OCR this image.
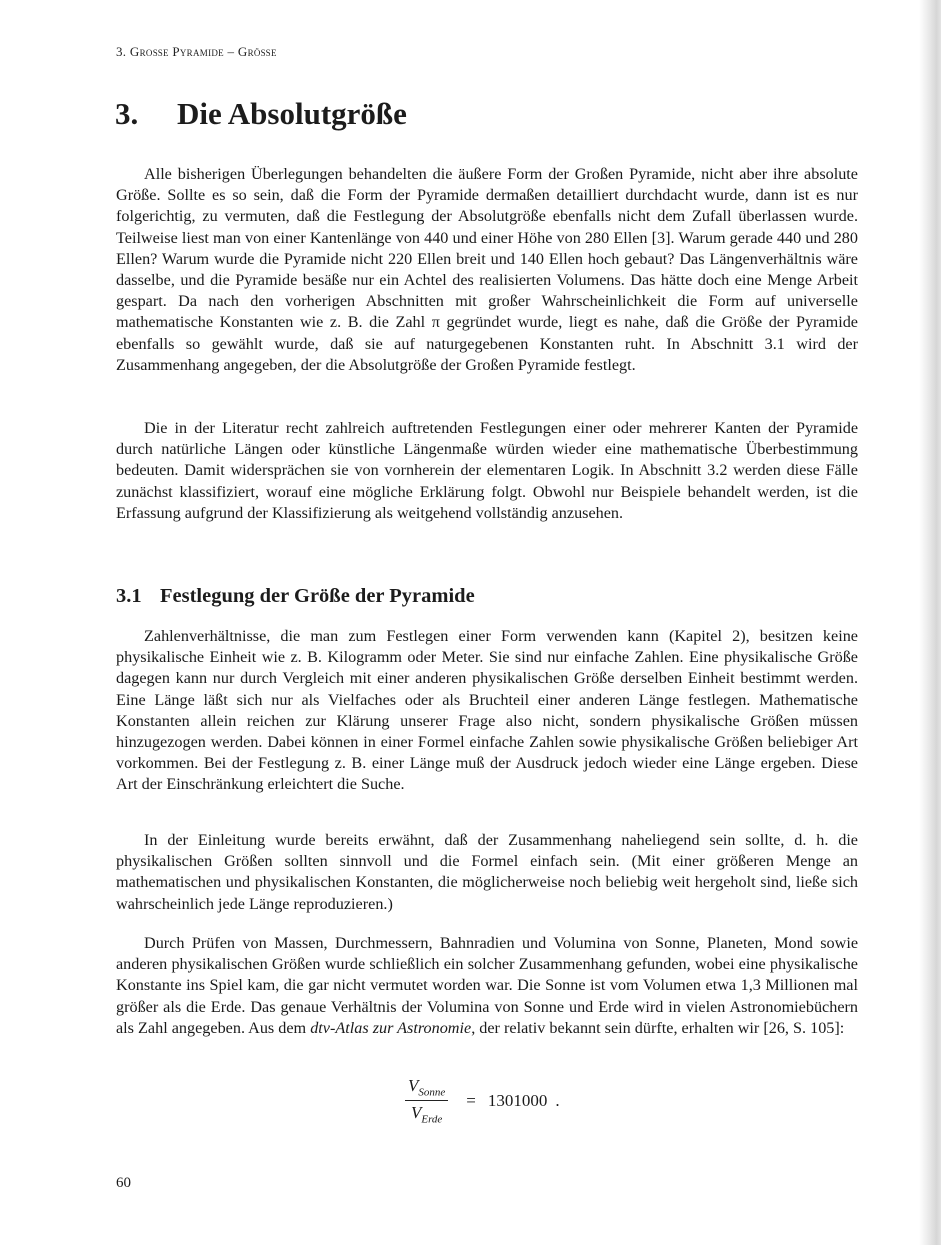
3. Große Pyramide – Größe
3. Die Absolutgröße

Alle bisherigen Überlegungen behandelten die äußere Form der Großen Pyramide, nicht aber ihre absolute Größe. Sollte es so sein, daß die Form der Pyramide dermaßen detailliert durchdacht wurde, dann ist es nur folgerichtig, zu vermuten, daß die Festlegung der Absolutgröße ebenfalls nicht dem Zufall überlassen wurde. Teilweise liest man von einer Kantenlänge von 440 und einer Höhe von 280 Ellen [3]. Warum gerade 440 und 280 Ellen? Warum wurde die Pyramide nicht 220 Ellen breit und 140 Ellen hoch gebaut? Das Längenverhältnis wäre dasselbe, und die Pyramide besäße nur ein Achtel des realisierten Volumens. Das hätte doch eine Menge Arbeit gespart. Da nach den vorherigen Abschnitten mit großer Wahrscheinlichkeit die Form auf universelle mathematische Konstanten wie z. B. die Zahl π gegründet wurde, liegt es nahe, daß die Größe der Pyramide ebenfalls so gewählt wurde, daß sie auf naturgegebenen Konstanten ruht. In Abschnitt 3.1 wird der Zusammenhang angegeben, der die Absolutgröße der Großen Pyramide festlegt.

Die in der Literatur recht zahlreich auftretenden Festlegungen einer oder mehrerer Kanten der Pyramide durch natürliche Längen oder künstliche Längenmaße würden wieder eine mathematische Überbestimmung bedeuten. Damit widersprächen sie von vornherein der elementaren Logik. In Abschnitt 3.2 werden diese Fälle zunächst klassifiziert, worauf eine mögliche Erklärung folgt. Obwohl nur Beispiele behandelt werden, ist die Erfassung aufgrund der Klassifizierung als weitgehend vollständig anzusehen.

3.1 Festlegung der Größe der Pyramide

Zahlenverhältnisse, die man zum Festlegen einer Form verwenden kann (Kapitel 2), besitzen keine physikalische Einheit wie z. B. Kilogramm oder Meter. Sie sind nur einfache Zahlen. Eine physikalische Größe dagegen kann nur durch Vergleich mit einer anderen physikalischen Größe derselben Einheit bestimmt werden. Eine Länge läßt sich nur als Vielfaches oder als Bruchteil einer anderen Länge festlegen. Mathematische Konstanten allein reichen zur Klärung unserer Frage also nicht, sondern physikalische Größen müssen hinzugezogen werden. Dabei können in einer Formel einfache Zahlen sowie physikalische Größen beliebiger Art vorkommen. Bei der Festlegung z. B. einer Länge muß der Ausdruck jedoch wieder eine Länge ergeben. Diese Art der Einschränkung erleichtert die Suche.

In der Einleitung wurde bereits erwähnt, daß der Zusammenhang naheliegend sein sollte, d. h. die physikalischen Größen sollten sinnvoll und die Formel einfach sein. (Mit einer größeren Menge an mathematischen und physikalischen Konstanten, die möglicherweise noch beliebig weit hergeholt sind, ließe sich wahrscheinlich jede Länge reproduzieren.)

Durch Prüfen von Massen, Durchmessern, Bahnradien und Volumina von Sonne, Planeten, Mond sowie anderen physikalischen Größen wurde schließlich ein solcher Zusammenhang gefunden, wobei eine physikalische Konstante ins Spiel kam, die gar nicht vermutet worden war. Die Sonne ist vom Volumen etwa 1,3 Millionen mal größer als die Erde. Das genaue Verhältnis der Volumina von Sonne und Erde wird in vielen Astronomiebüchern als Zahl angegeben. Aus dem dtv-Atlas zur Astronomie, der relativ bekannt sein dürfte, erhalten wir [26, S. 105]:

$\frac{V_{Sonne}}{V_{Erde}} = 1301000$ .
60
